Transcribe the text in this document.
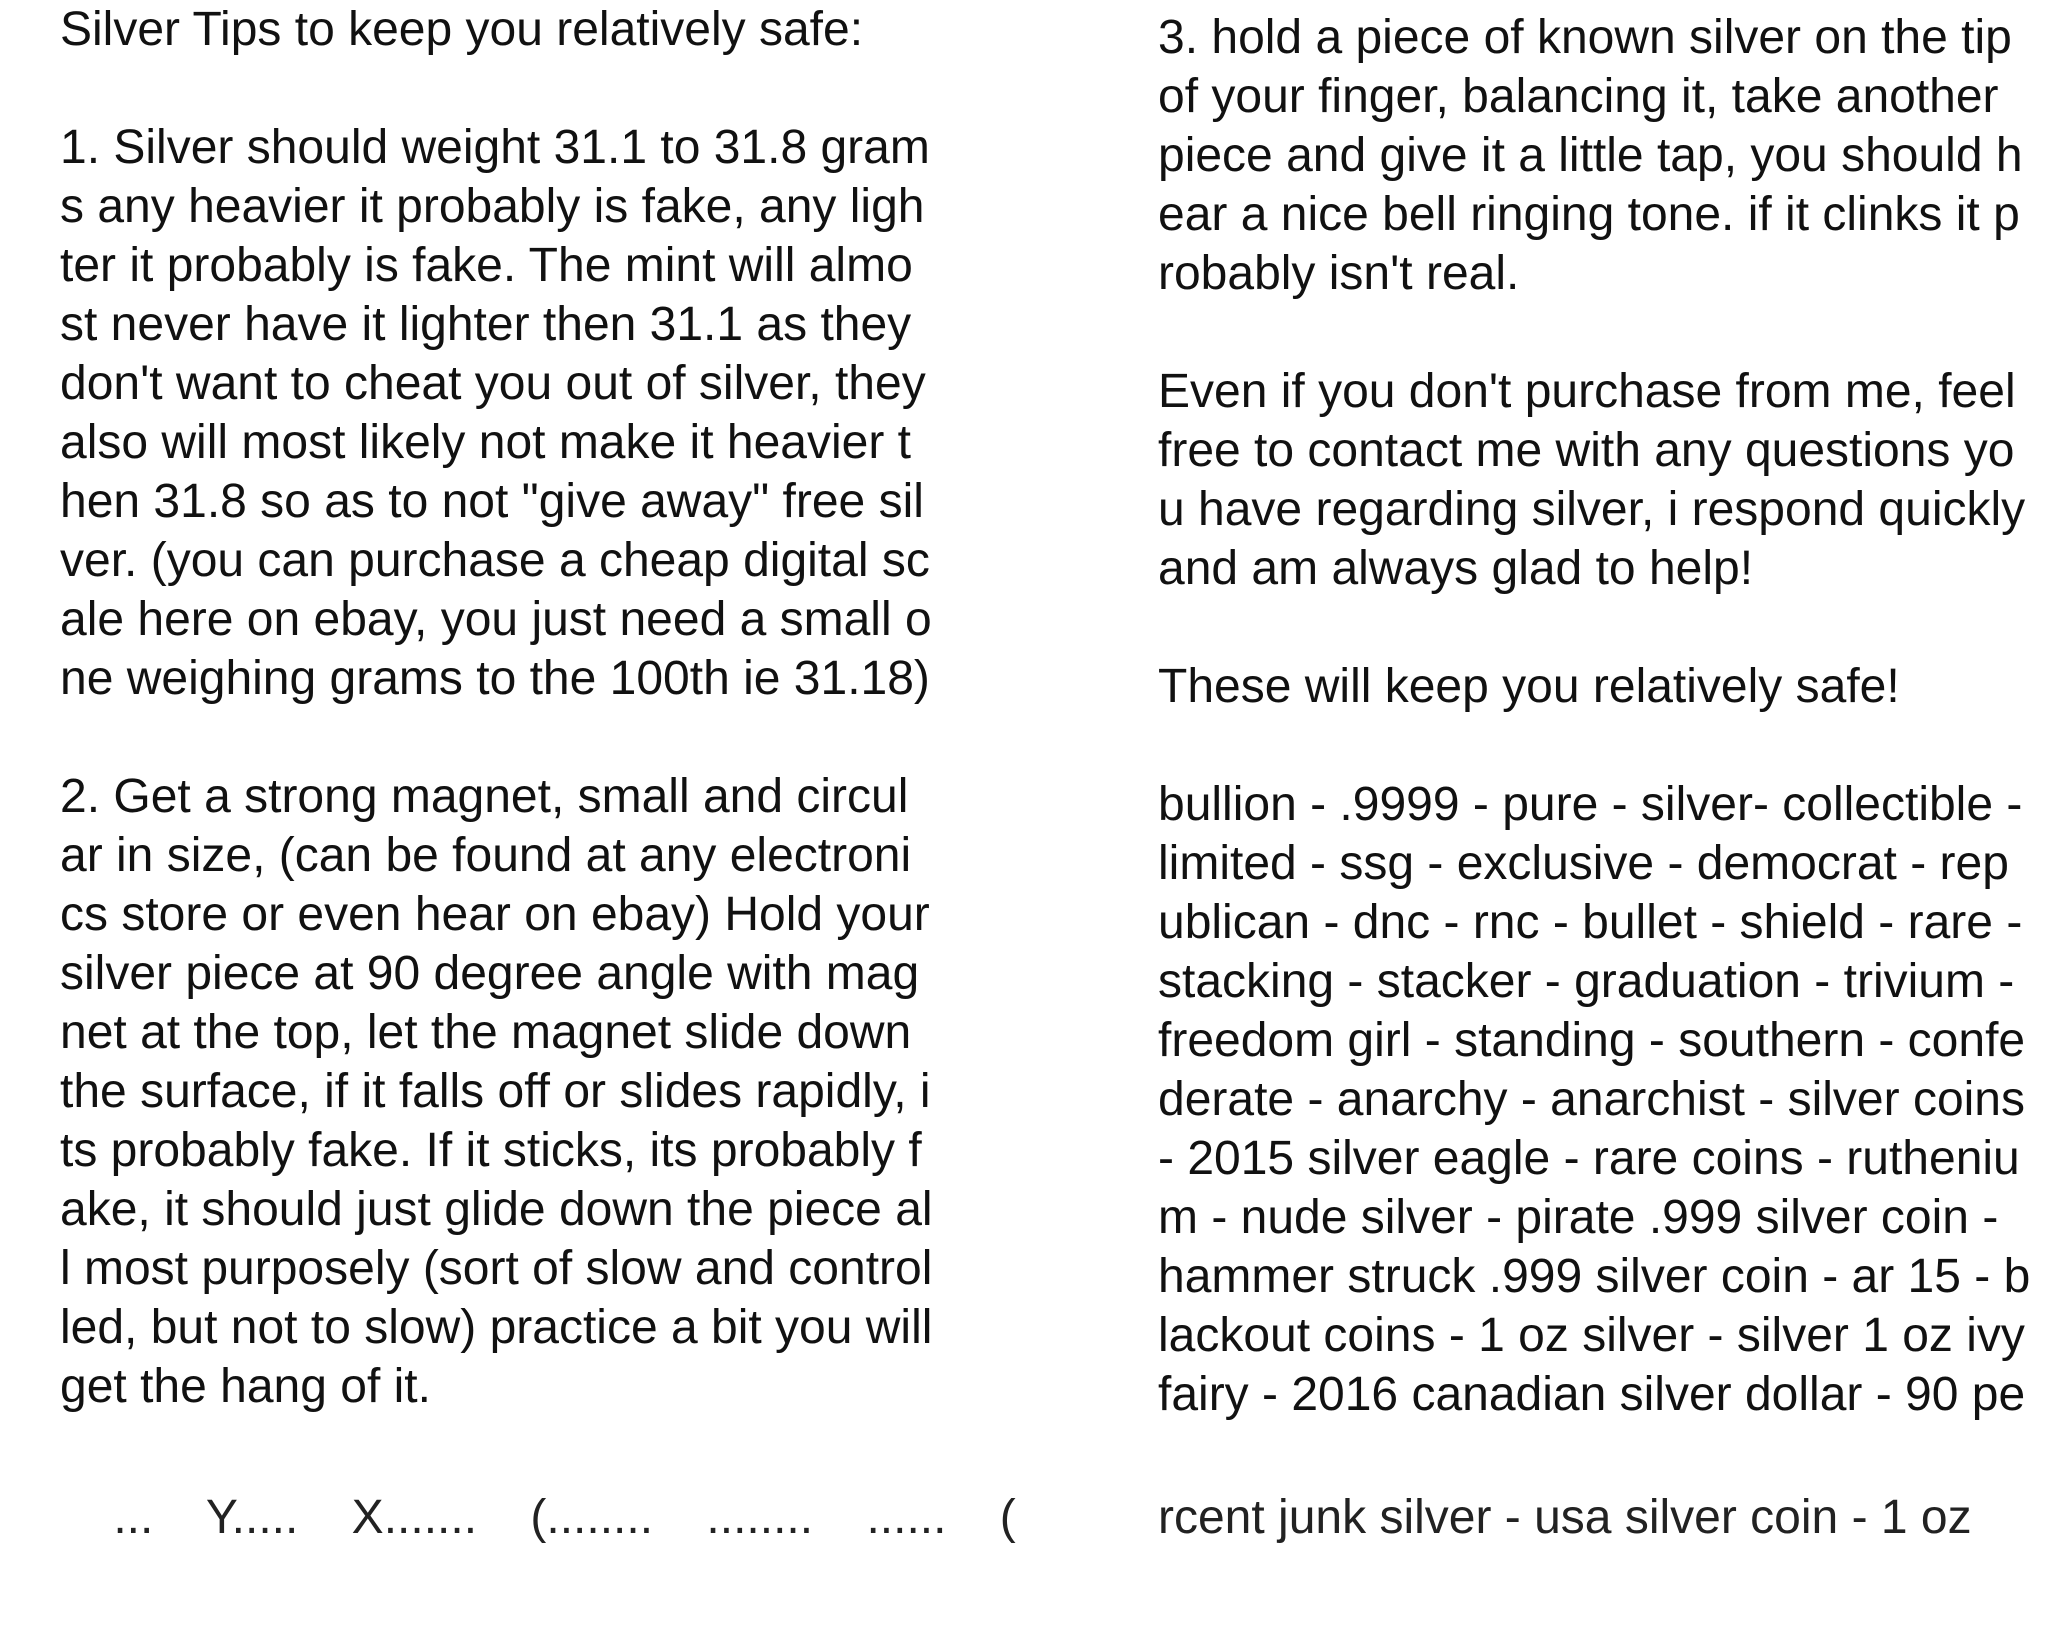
Silver Tips to keep you relatively safe:
1. Silver should weight 31.1 to 31.8 gram
s any heavier it probably is fake, any ligh
ter it probably is fake. The mint will almo
st never have it lighter then 31.1 as they
don't want to cheat you out of silver, they
also will most likely not make it heavier t
hen 31.8 so as to not "give away" free sil
ver. (you can purchase a cheap digital sc
ale here on ebay, you just need a small o
ne weighing grams to the 100th ie 31.18)
2. Get a strong magnet, small and circul
ar in size, (can be found at any electroni
cs store or even hear on ebay) Hold your
silver piece at 90 degree angle with mag
net at the top, let the magnet slide down
the surface, if it falls off or slides rapidly, i
ts probably fake. If it sticks, its probably f
ake, it should just glide down the piece al
l most purposely (sort of slow and control
led, but not to slow) practice a bit you will
get the hang of it.

...    Y.....    X.......    (........    ........    ......    (

3. hold a piece of known silver on the tip
of your finger, balancing it, take another
piece and give it a little tap, you should h
ear a nice bell ringing tone. if it clinks it p
robably isn't real.
Even if you don't purchase from me, feel
free to contact me with any questions yo
u have regarding silver, i respond quickly
and am always glad to help!
These will keep you relatively safe!
bullion - .9999 - pure - silver- collectible -
limited - ssg - exclusive - democrat - rep
ublican - dnc - rnc - bullet - shield - rare -
stacking - stacker - graduation - trivium -
freedom girl - standing - southern - confe
derate - anarchy - anarchist - silver coins
- 2015 silver eagle - rare coins - rutheniu
m - nude silver - pirate .999 silver coin -
hammer struck .999 silver coin - ar 15 - b
lackout coins - 1 oz silver - silver 1 oz ivy
fairy - 2016 canadian silver dollar - 90 pe

rcent junk silver - usa silver coin - 1 oz
